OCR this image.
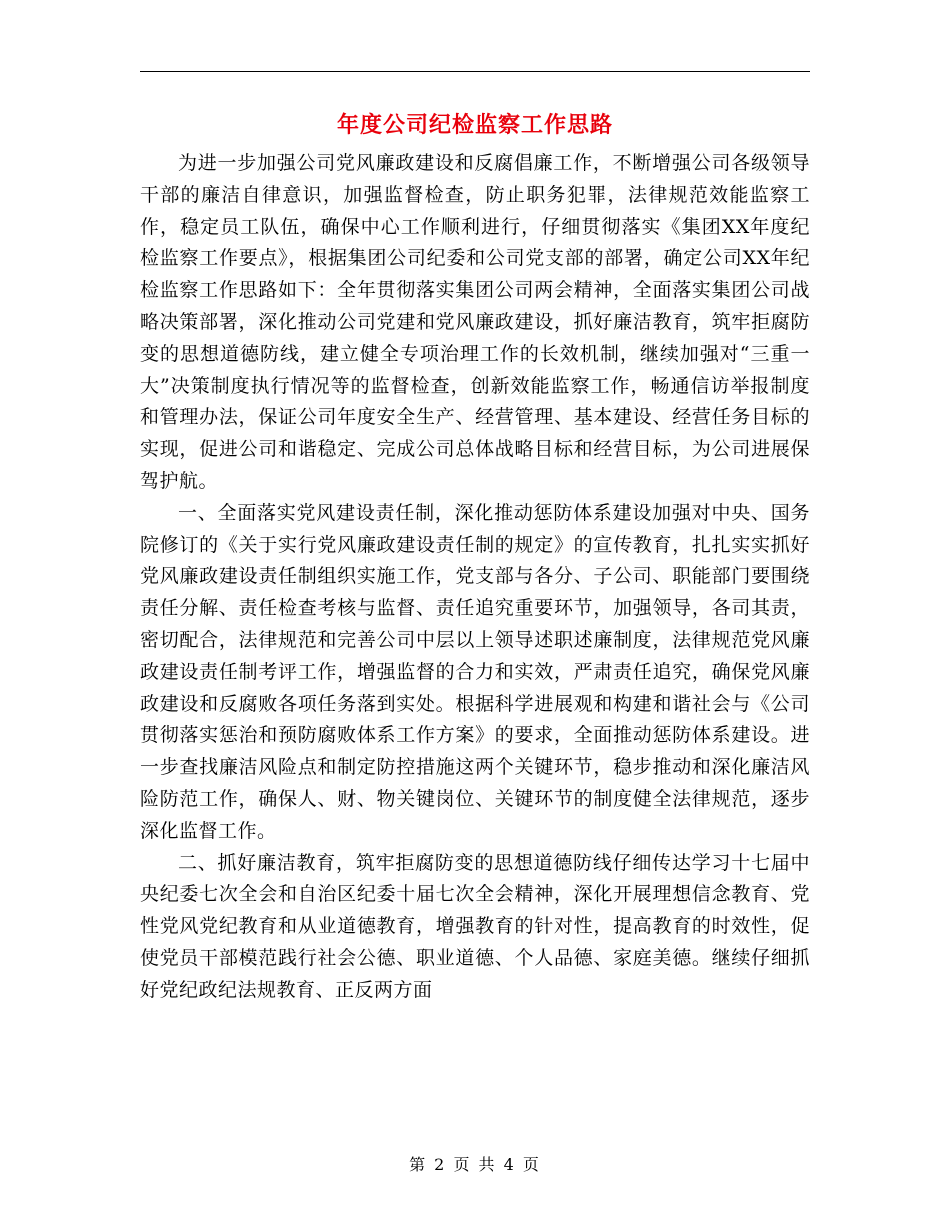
年度公司纪检监察工作思路

为进一步加强公司党风廉政建设和反腐倡廉工作，不断增强公司各级领导干部的廉洁自律意识，加强监督检查，防止职务犯罪，法律规范效能监察工作，稳定员工队伍，确保中心工作顺利进行，仔细贯彻落实《集团XX年度纪检监察工作要点》，根据集团公司纪委和公司党支部的部署，确定公司XX年纪检监察工作思路如下：全年贯彻落实集团公司两会精神，全面落实集团公司战略决策部署，深化推动公司党建和党风廉政建设，抓好廉洁教育，筑牢拒腐防变的思想道德防线，建立健全专项治理工作的长效机制，继续加强对“三重一大”决策制度执行情况等的监督检查，创新效能监察工作，畅通信访举报制度和管理办法，保证公司年度安全生产、经营管理、基本建设、经营任务目标的实现，促进公司和谐稳定、完成公司总体战略目标和经营目标，为公司进展保驾护航。

一、全面落实党风建设责任制，深化推动惩防体系建设加强对中央、国务院修订的《关于实行党风廉政建设责任制的规定》的宣传教育，扎扎实实抓好党风廉政建设责任制组织实施工作，党支部与各分、子公司、职能部门要围绕责任分解、责任检查考核与监督、责任追究重要环节，加强领导，各司其责，密切配合，法律规范和完善公司中层以上领导述职述廉制度，法律规范党风廉政建设责任制考评工作，增强监督的合力和实效，严肃责任追究，确保党风廉政建设和反腐败各项任务落到实处。根据科学进展观和构建和谐社会与《公司贯彻落实惩治和预防腐败体系工作方案》的要求，全面推动惩防体系建设。进一步查找廉洁风险点和制定防控措施这两个关键环节，稳步推动和深化廉洁风险防范工作，确保人、财、物关键岗位、关键环节的制度健全法律规范，逐步深化监督工作。

二、抓好廉洁教育，筑牢拒腐防变的思想道德防线仔细传达学习十七届中央纪委七次全会和自治区纪委十届七次全会精神，深化开展理想信念教育、党性党风党纪教育和从业道德教育，增强教育的针对性，提高教育的时效性，促使党员干部模范践行社会公德、职业道德、个人品德、家庭美德。继续仔细抓好党纪政纪法规教育、正反两方面

第 2 页 共 4 页
